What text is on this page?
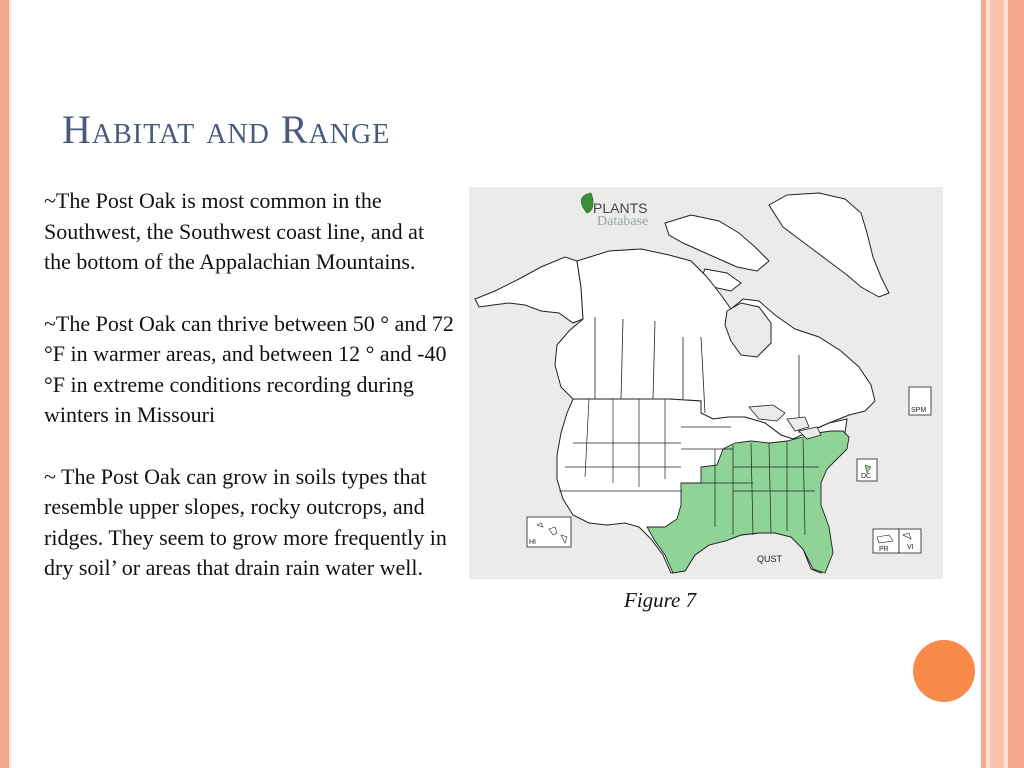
Habitat and Range

~The Post Oak is most common in the Southwest, the Southwest coast line, and at the bottom of the Appalachian Mountains.

~The Post Oak can thrive between 50 ° and 72 °F in warmer areas, and between 12 ° and -40 °F in extreme conditions recording during winters in Missouri

~ The Post Oak can grow in soils types that resemble upper slopes, rocky outcrops, and ridges. They seem to grow more frequently in dry soil’ or areas that drain rain water well.

PLANTS
Database
SPM
DC
HI
PR	VI
QUST
Figure 7
